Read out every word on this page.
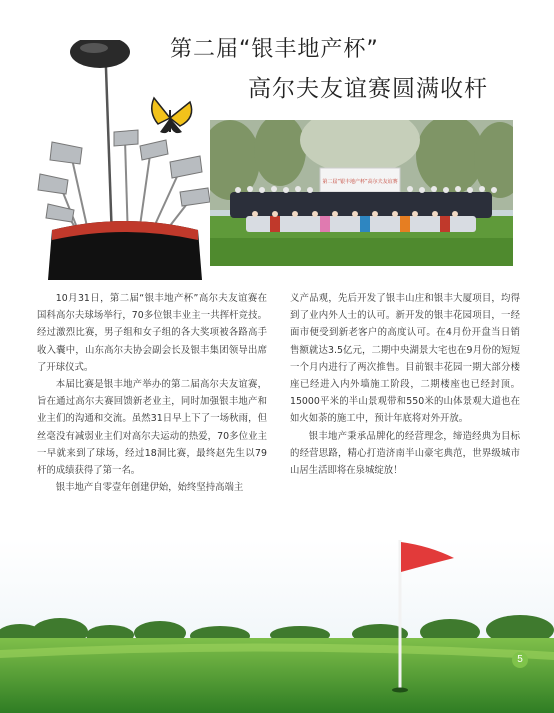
第二届“银丰地产杯”
高尔夫友谊赛圆满收杆
第二届“银丰地产杯”高尔夫友谊赛

10月31日，第二届“银丰地产杯”高尔夫友谊赛在国科高尔夫球场举行，70多位银丰业主一共挥杆竞技。经过激烈比赛，男子组和女子组的各大奖项被各路高手收入囊中，山东高尔夫协会副会长及银丰集团领导出席了开球仪式。

本届比赛是银丰地产举办的第二届高尔夫友谊赛，旨在通过高尔夫赛回馈新老业主，同时加强银丰地产和业主们的沟通和交流。虽然31日早上下了一场秋雨，但丝毫没有减弱业主们对高尔夫运动的热爱，70多位业主一早就来到了球场，经过18洞比赛，最终赵先生以79杆的成绩获得了第一名。

银丰地产自零壹年创建伊始，始终坚持高端主

义产品观，先后开发了银丰山庄和银丰大厦项目，均得到了业内外人士的认可。新开发的银丰花园项目，一经面市便受到新老客户的高度认可。在4月份开盘当日销售额就达3.5亿元，二期中央湖景大宅也在9月份的短短一个月内进行了两次推售。目前银丰花园一期大部分楼座已经进入内外墙施工阶段，二期楼座也已经封顶。15000平米的半山景观带和550米的山体景观大道也在如火如荼的施工中，预计年底将对外开放。

银丰地产秉承品牌化的经营理念，缔造经典为目标的经营思路，精心打造济南半山豪宅典范，世界级城市山居生活即将在泉城绽放！

5
